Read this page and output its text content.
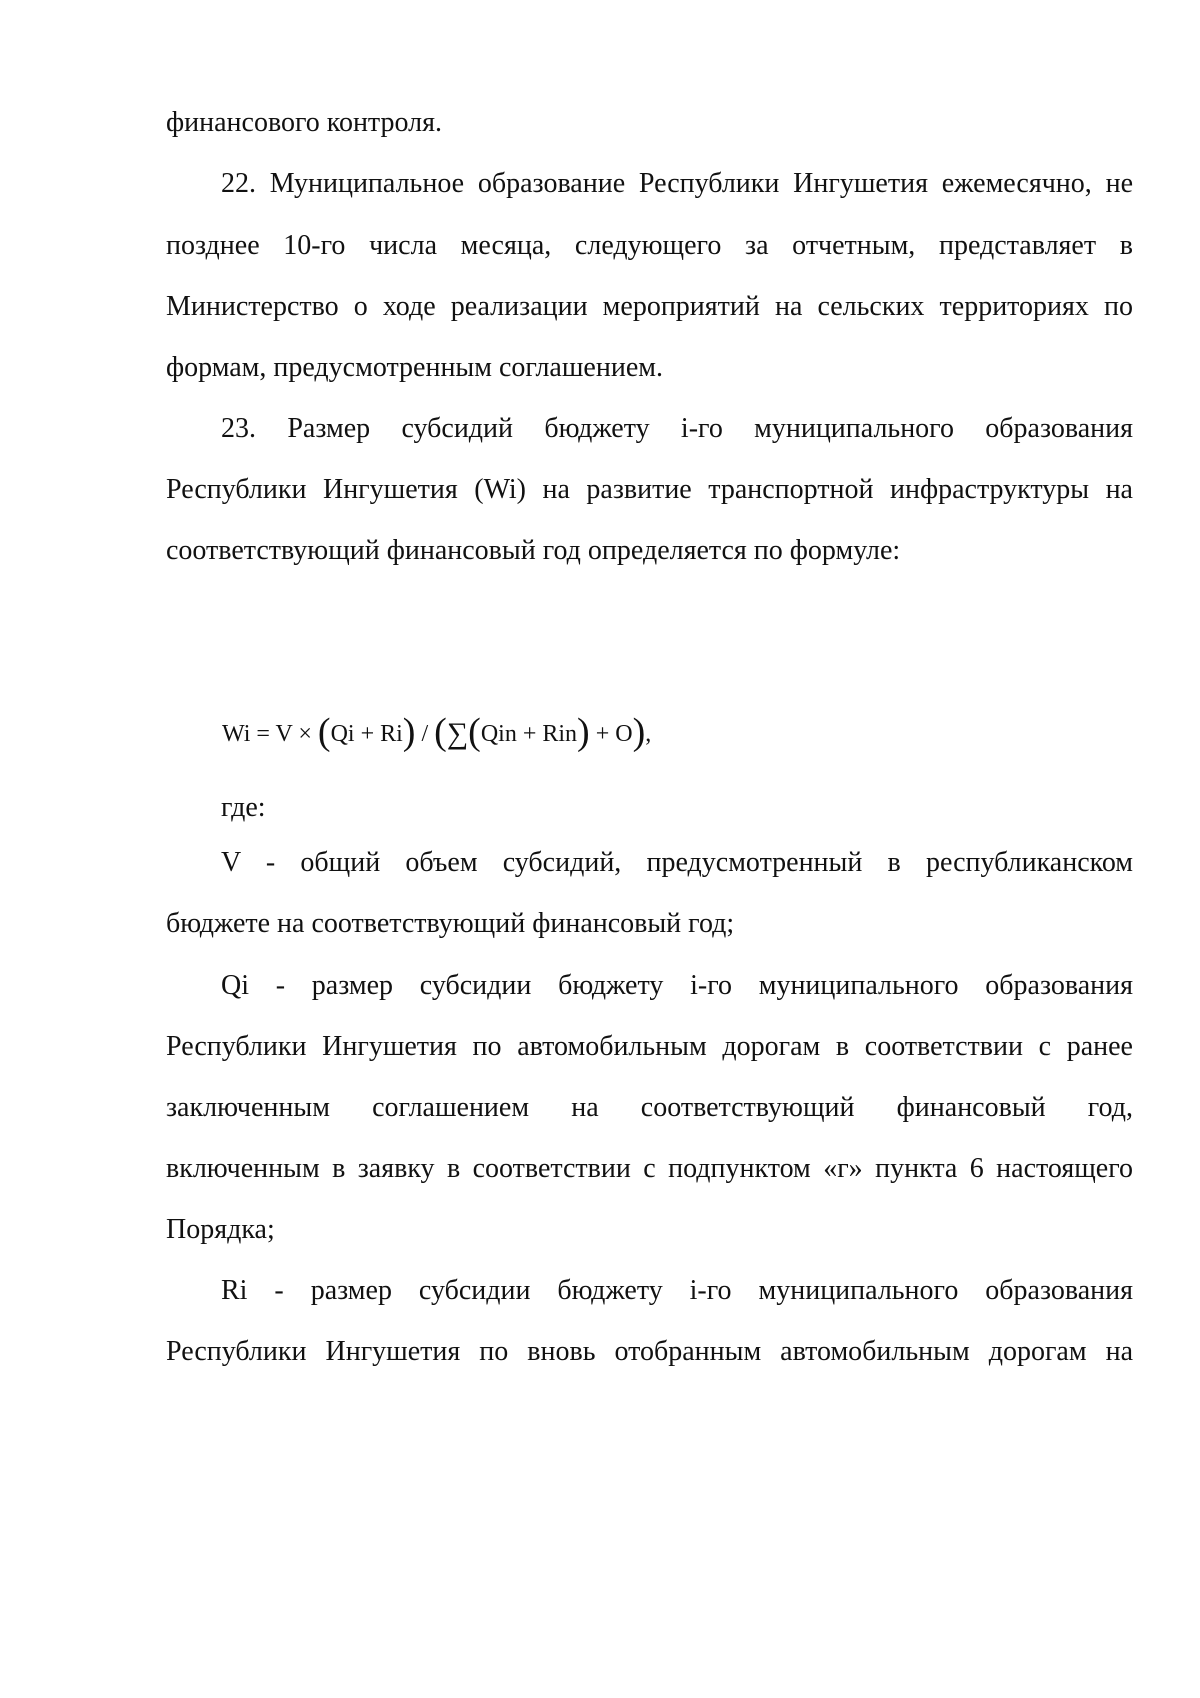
финансового контроля.
22. Муниципальное образование Республики Ингушетия ежемесячно, не
позднее 10-го числа месяца, следующего за отчетным, представляет в
Министерство о ходе реализации мероприятий на сельских территориях по
формам, предусмотренным соглашением.
23. Размер субсидий бюджету i-го муниципального образования
Республики Ингушетия (Wi) на развитие транспортной инфраструктуры на
соответствующий финансовый год определяется по формуле:
Wi = V × (Qi + Ri) / (∑(Qin + Rin) + O),
где:
V - общий объем субсидий, предусмотренный в республиканском
бюджете на соответствующий финансовый год;
Qi - размер субсидии бюджету i-го муниципального образования
Республики Ингушетия по автомобильным дорогам в соответствии с ранее
заключенным соглашением на соответствующий финансовый год,
включенным в заявку в соответствии с подпунктом «г» пункта 6 настоящего
Порядка;
Ri - размер субсидии бюджету i-го муниципального образования
Республики Ингушетия по вновь отобранным автомобильным дорогам на
